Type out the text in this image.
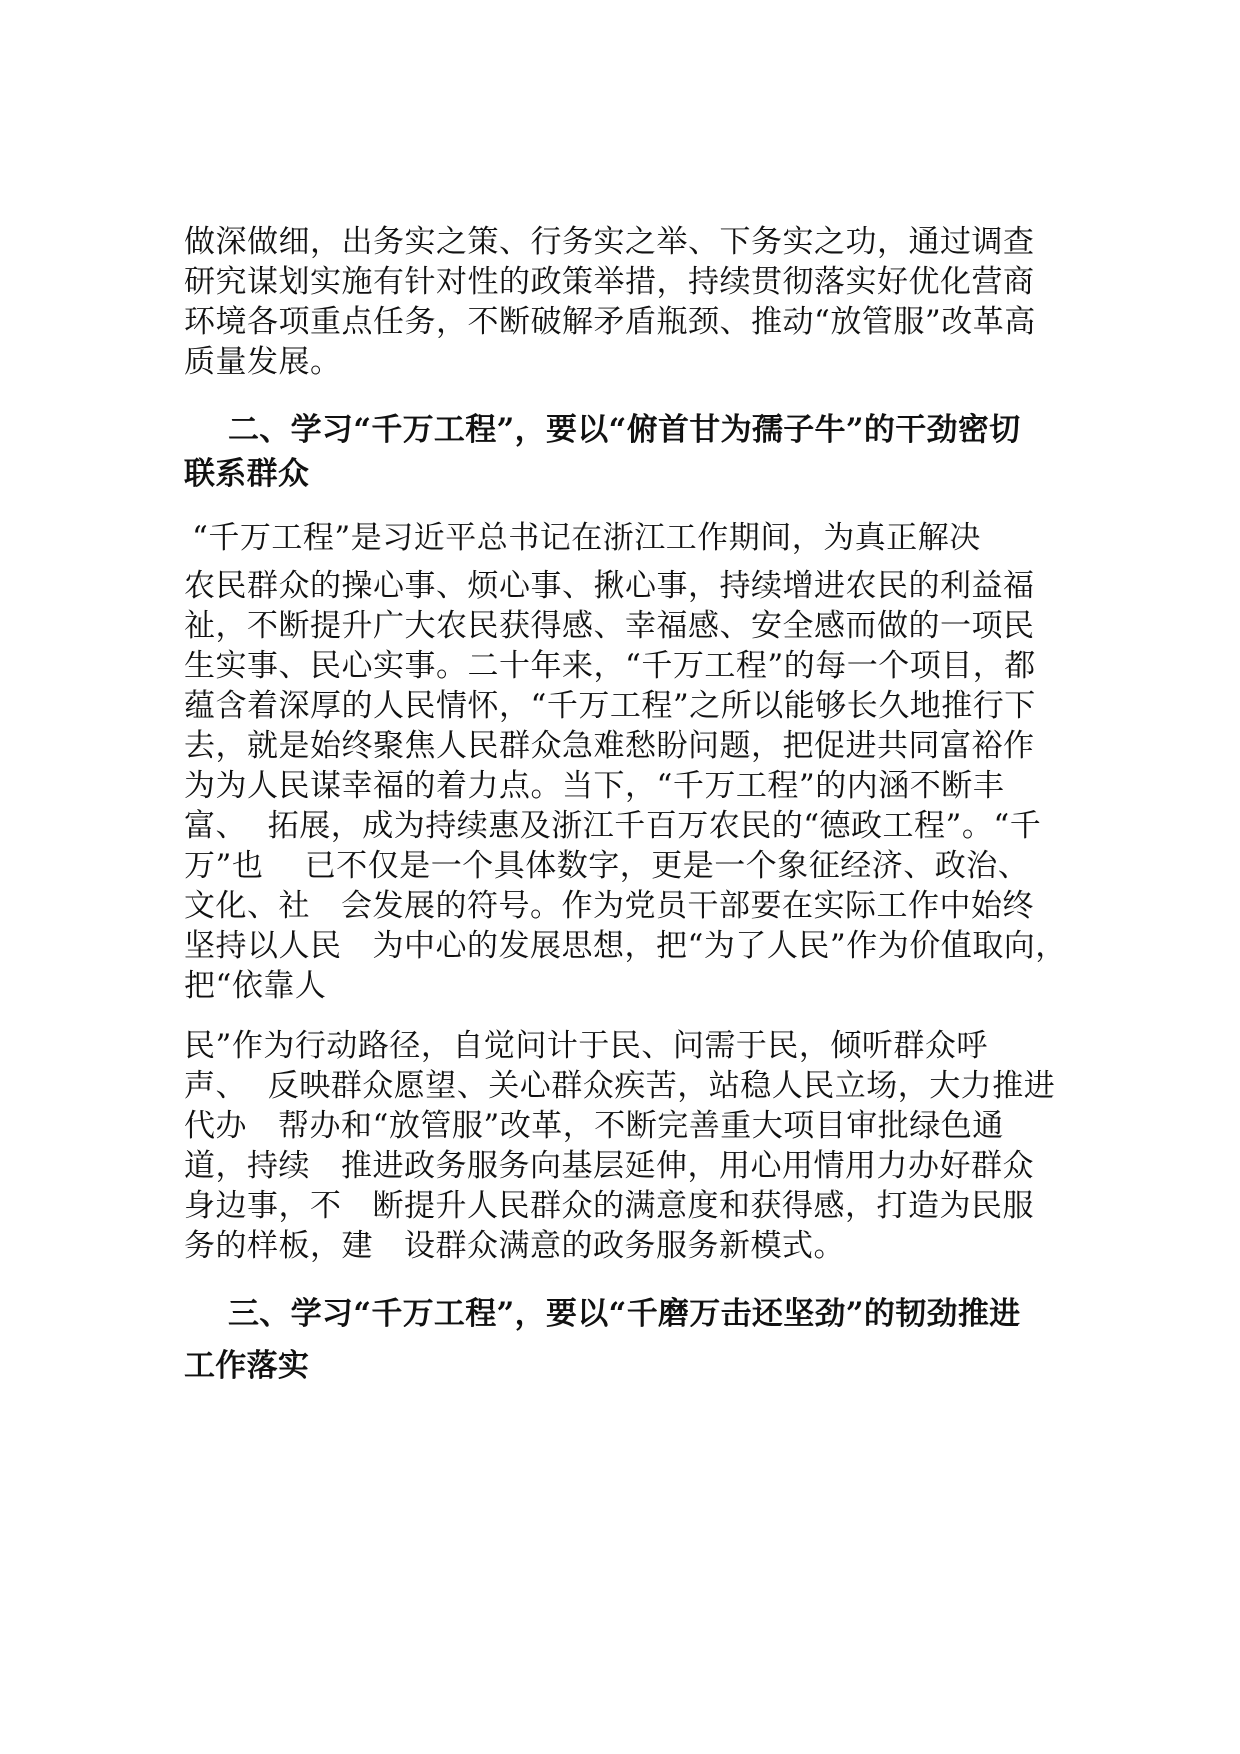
做深做细，出务实之策、行务实之举、下务实之功，通过调查
研究谋划实施有针对性的政策举措，持续贯彻落实好优化营商
环境各项重点任务，不断破解矛盾瓶颈、推动“放管服”改革高
质量发展。
二、学习“千万工程”，要以“俯首甘为孺子牛”的干劲密切
联系群众
“千万工程”是习近平总书记在浙江工作期间，为真正解决
农民群众的操心事、烦心事、揪心事，持续增进农民的利益福
祉，不断提升广大农民获得感、幸福感、安全感而做的一项民
生实事、民心实事。二十年来，“千万工程”的每一个项目，都
蕴含着深厚的人民情怀，“千万工程”之所以能够长久地推行下
去，就是始终聚焦人民群众急难愁盼问题，把促进共同富裕作
为为人民谋幸福的着力点。当下，“千万工程”的内涵不断丰
富、  拓展，成为持续惠及浙江千百万农民的“德政工程”。“千
万”也    已不仅是一个具体数字，更是一个象征经济、政治、
文化、社   会发展的符号。作为党员干部要在实际工作中始终
坚持以人民   为中心的发展思想，把“为了人民”作为价值取向，
把“依靠人
民”作为行动路径，自觉问计于民、问需于民，倾听群众呼
声、  反映群众愿望、关心群众疾苦，站稳人民立场，大力推进
代办   帮办和“放管服”改革，不断完善重大项目审批绿色通
道，持续   推进政务服务向基层延伸，用心用情用力办好群众
身边事，不   断提升人民群众的满意度和获得感，打造为民服
务的样板，建   设群众满意的政务服务新模式。
三、学习“千万工程”，要以“千磨万击还坚劲”的韧劲推进
工作落实
